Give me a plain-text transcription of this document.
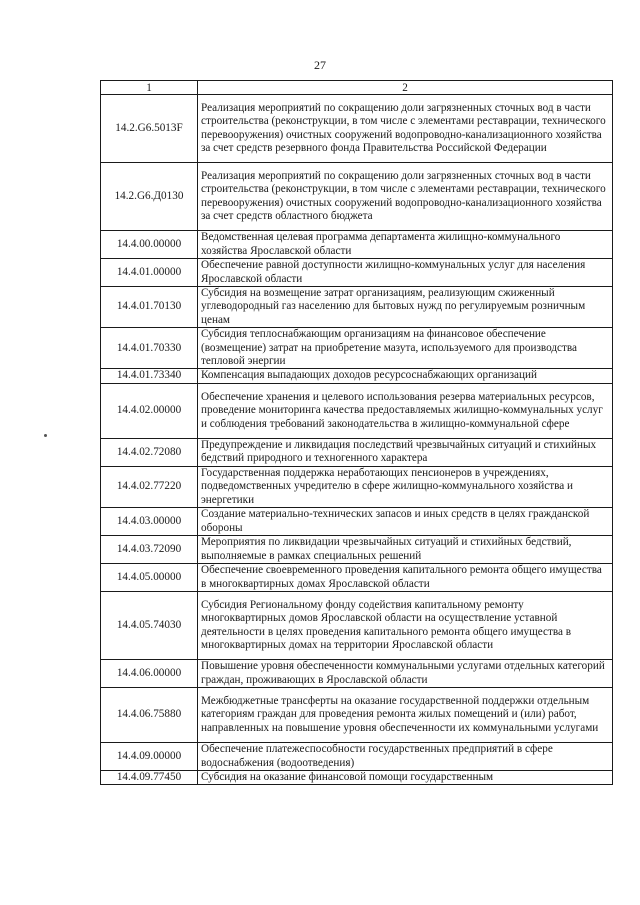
27
1	2
14.2.G6.5013F	Реализация мероприятий по сокращению доли загрязненных сточных вод в части строительства (реконструкции, в том числе с элементами реставрации, технического перевооружения) очистных сооружений водопроводно-канализационного хозяйства за счет средств резервного фонда Правительства Российской Федерации
14.2.G6.Д0130	Реализация мероприятий по сокращению доли загрязненных сточных вод в части строительства (реконструкции, в том числе с элементами реставрации, технического перевооружения) очистных сооружений водопроводно-канализационного хозяйства за счет средств областного бюджета
14.4.00.00000	Ведомственная целевая программа департамента жилищно-коммунального хозяйства Ярославской области
14.4.01.00000	Обеспечение равной доступности жилищно-коммунальных услуг для населения Ярославской области
14.4.01.70130	Субсидия на возмещение затрат организациям, реализующим сжиженный углеводородный газ населению для бытовых нужд по регулируемым розничным ценам
14.4.01.70330	Субсидия теплоснабжающим организациям на финансовое обеспечение (возмещение) затрат на приобретение мазута, используемого для производства тепловой энергии
14.4.01.73340	Компенсация выпадающих доходов ресурсоснабжающих организаций
14.4.02.00000	Обеспечение хранения и целевого использования резерва материальных ресурсов, проведение мониторинга качества предоставляемых жилищно-коммунальных услуг и соблюдения требований законодательства в жилищно-коммунальной сфере
14.4.02.72080	Предупреждение и ликвидация последствий чрезвычайных ситуаций и стихийных бедствий природного и техногенного характера
14.4.02.77220	Государственная поддержка неработающих пенсионеров в учреждениях, подведомственных учредителю в сфере жилищно-коммунального хозяйства и энергетики
14.4.03.00000	Создание материально-технических запасов и иных средств в целях гражданской обороны
14.4.03.72090	Мероприятия по ликвидации чрезвычайных ситуаций и стихийных бедствий, выполняемые в рамках специальных решений
14.4.05.00000	Обеспечение своевременного проведения капитального ремонта общего имущества в многоквартирных домах Ярославской области
14.4.05.74030	Субсидия Региональному фонду содействия капитальному ремонту многоквартирных домов Ярославской области на осуществление уставной деятельности в целях проведения капитального ремонта общего имущества в многоквартирных домах на территории Ярославской области
14.4.06.00000	Повышение уровня обеспеченности коммунальными услугами отдельных категорий граждан, проживающих в Ярославской области
14.4.06.75880	Межбюджетные трансферты на оказание государственной поддержки отдельным категориям граждан для проведения ремонта жилых помещений и (или) работ, направленных на повышение уровня обеспеченности их коммунальными услугами
14.4.09.00000	Обеспечение платежеспособности государственных предприятий в сфере водоснабжения (водоотведения)
14.4.09.77450	Субсидия на оказание финансовой помощи государственным
